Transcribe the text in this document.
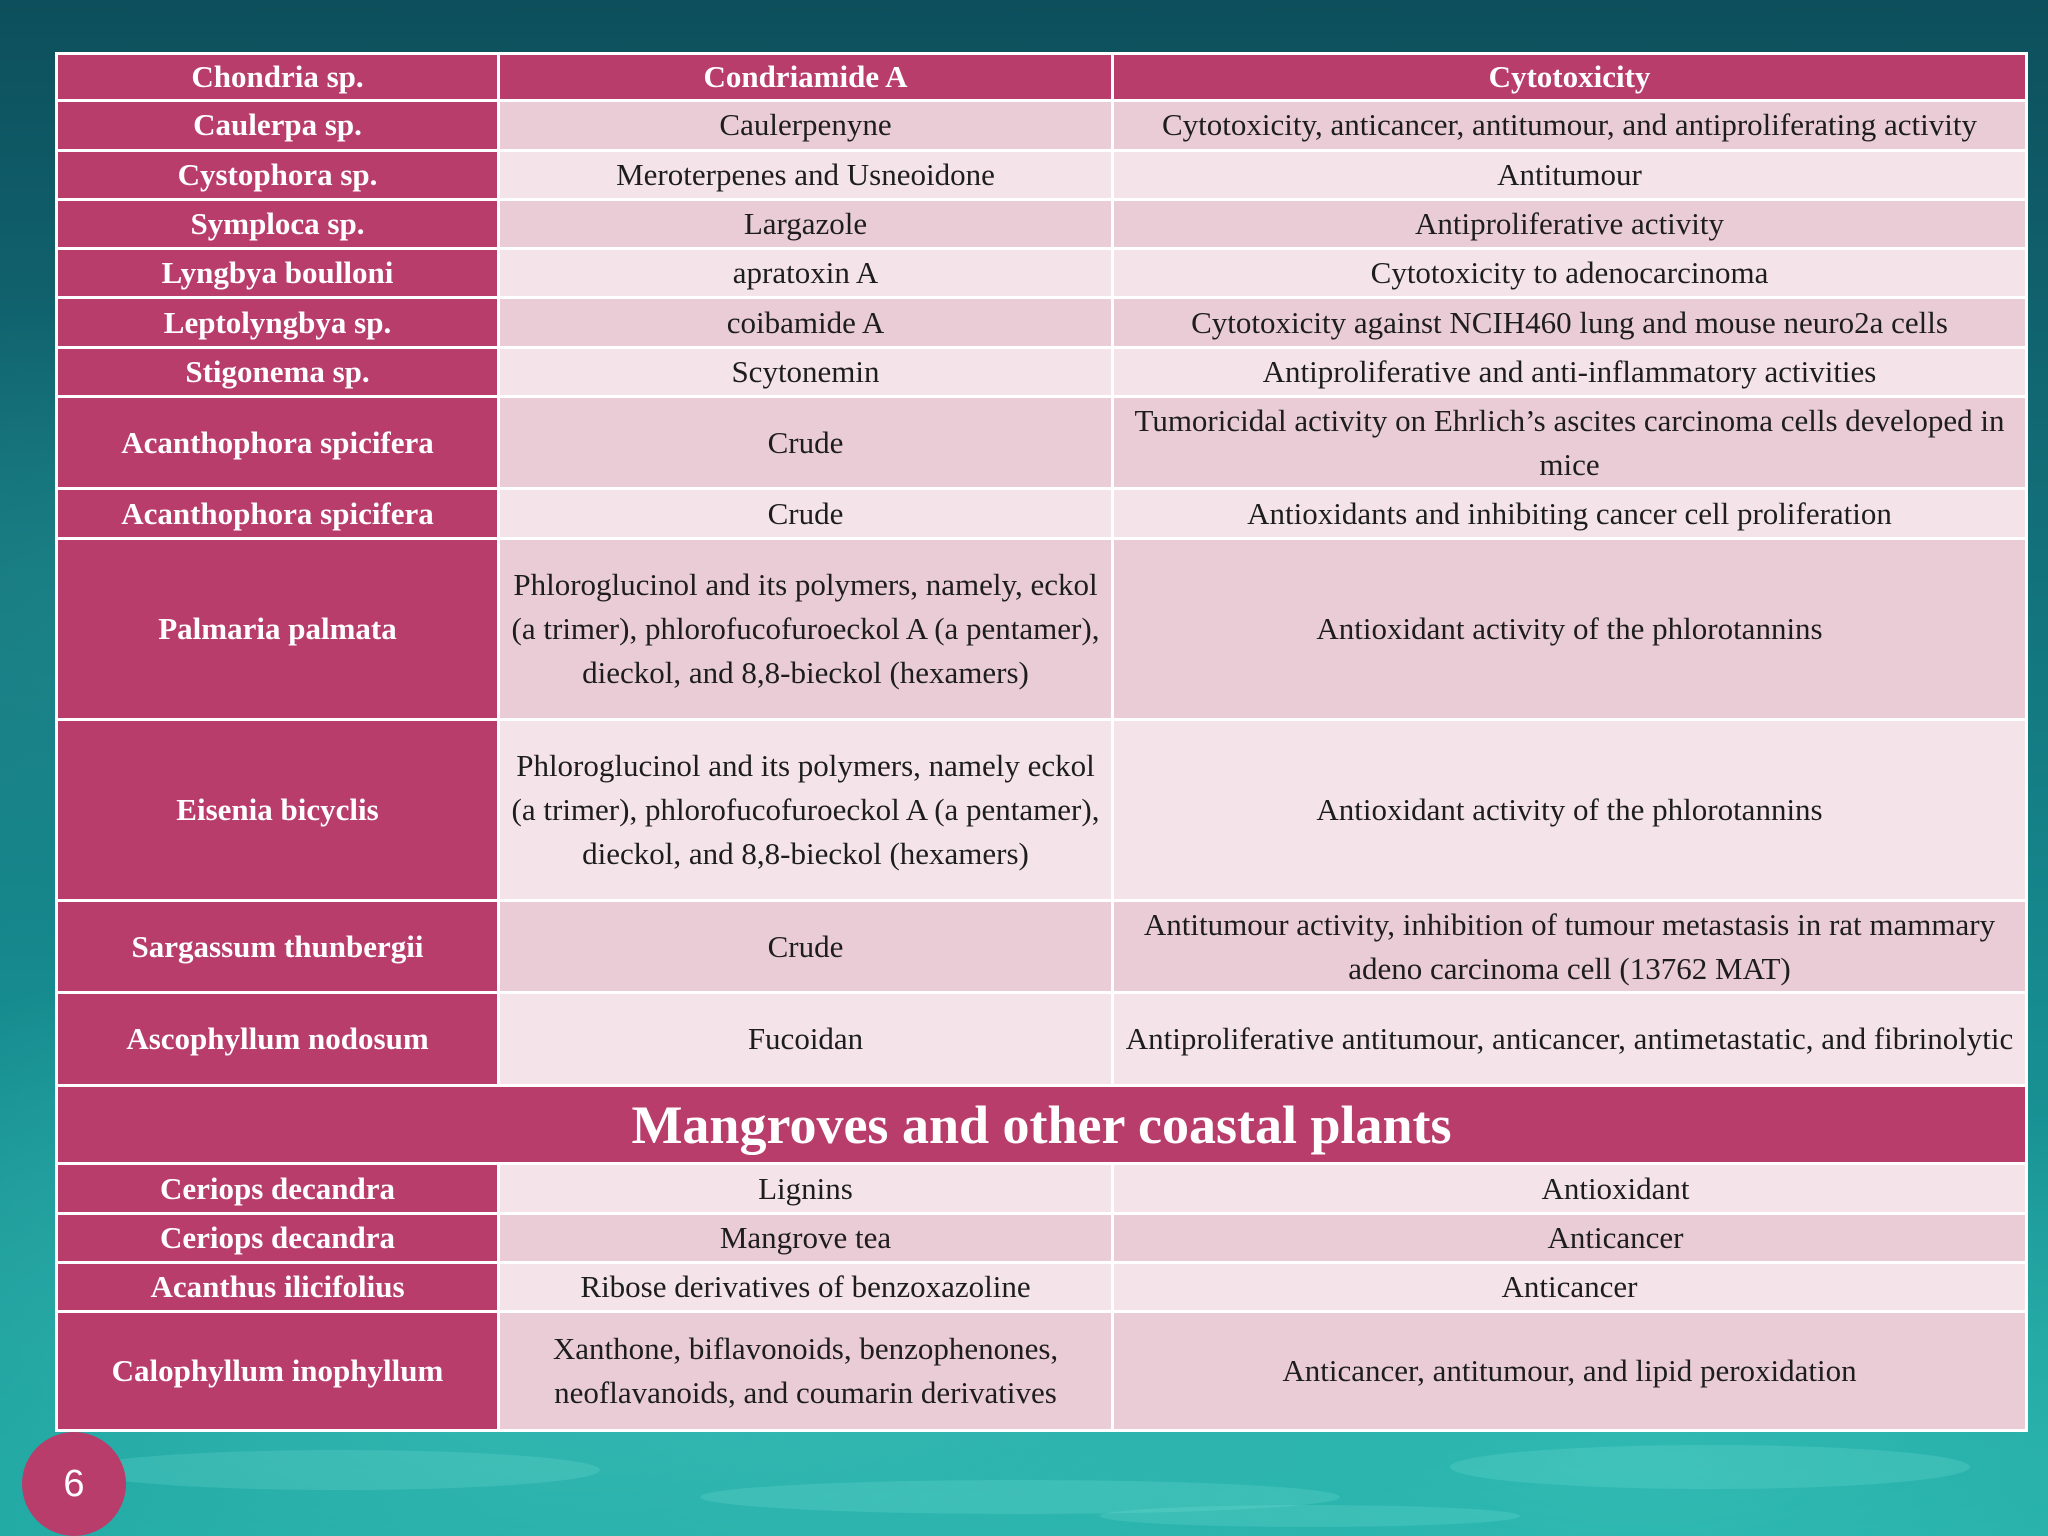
Chondria sp.	Condriamide A	Cytotoxicity
Caulerpa sp.	Caulerpenyne	Cytotoxicity, anticancer, antitumour, and antiproliferating activity
Cystophora sp.	Meroterpenes and Usneoidone	Antitumour
Symploca sp.	Largazole	Antiproliferative activity
Lyngbya boulloni	apratoxin A	Cytotoxicity to adenocarcinoma
Leptolyngbya sp.	coibamide A	Cytotoxicity against NCIH460 lung and mouse neuro2a cells
Stigonema sp.	Scytonemin	Antiproliferative and anti-inflammatory activities
Acanthophora spicifera	Crude	Tumoricidal activity on Ehrlich’s ascites carcinoma cells developed in mice
Acanthophora spicifera	Crude	Antioxidants and inhibiting cancer cell proliferation
Palmaria palmata	Phloroglucinol and its polymers, namely, eckol (a trimer), phlorofucofuroeckol A (a pentamer), dieckol, and 8,8-bieckol (hexamers)	Antioxidant activity of the phlorotannins
Eisenia bicyclis	Phloroglucinol and its polymers, namely eckol (a trimer), phlorofucofuroeckol A (a pentamer), dieckol, and 8,8-bieckol (hexamers)	Antioxidant activity of the phlorotannins
Sargassum thunbergii	Crude	Antitumour activity, inhibition of tumour metastasis in rat mammary adeno carcinoma cell (13762 MAT)
Ascophyllum nodosum	Fucoidan	Antiproliferative antitumour, anticancer, antimetastatic, and fibrinolytic
Mangroves and other coastal plants		
Ceriops decandra	Lignins	Antioxidant
Ceriops decandra	Mangrove tea	Anticancer
Acanthus ilicifolius	Ribose derivatives of benzoxazoline	Anticancer
Calophyllum inophyllum	Xanthone, biflavonoids, benzophenones, neoflavanoids, and coumarin derivatives	Anticancer, antitumour, and lipid peroxidation
6
